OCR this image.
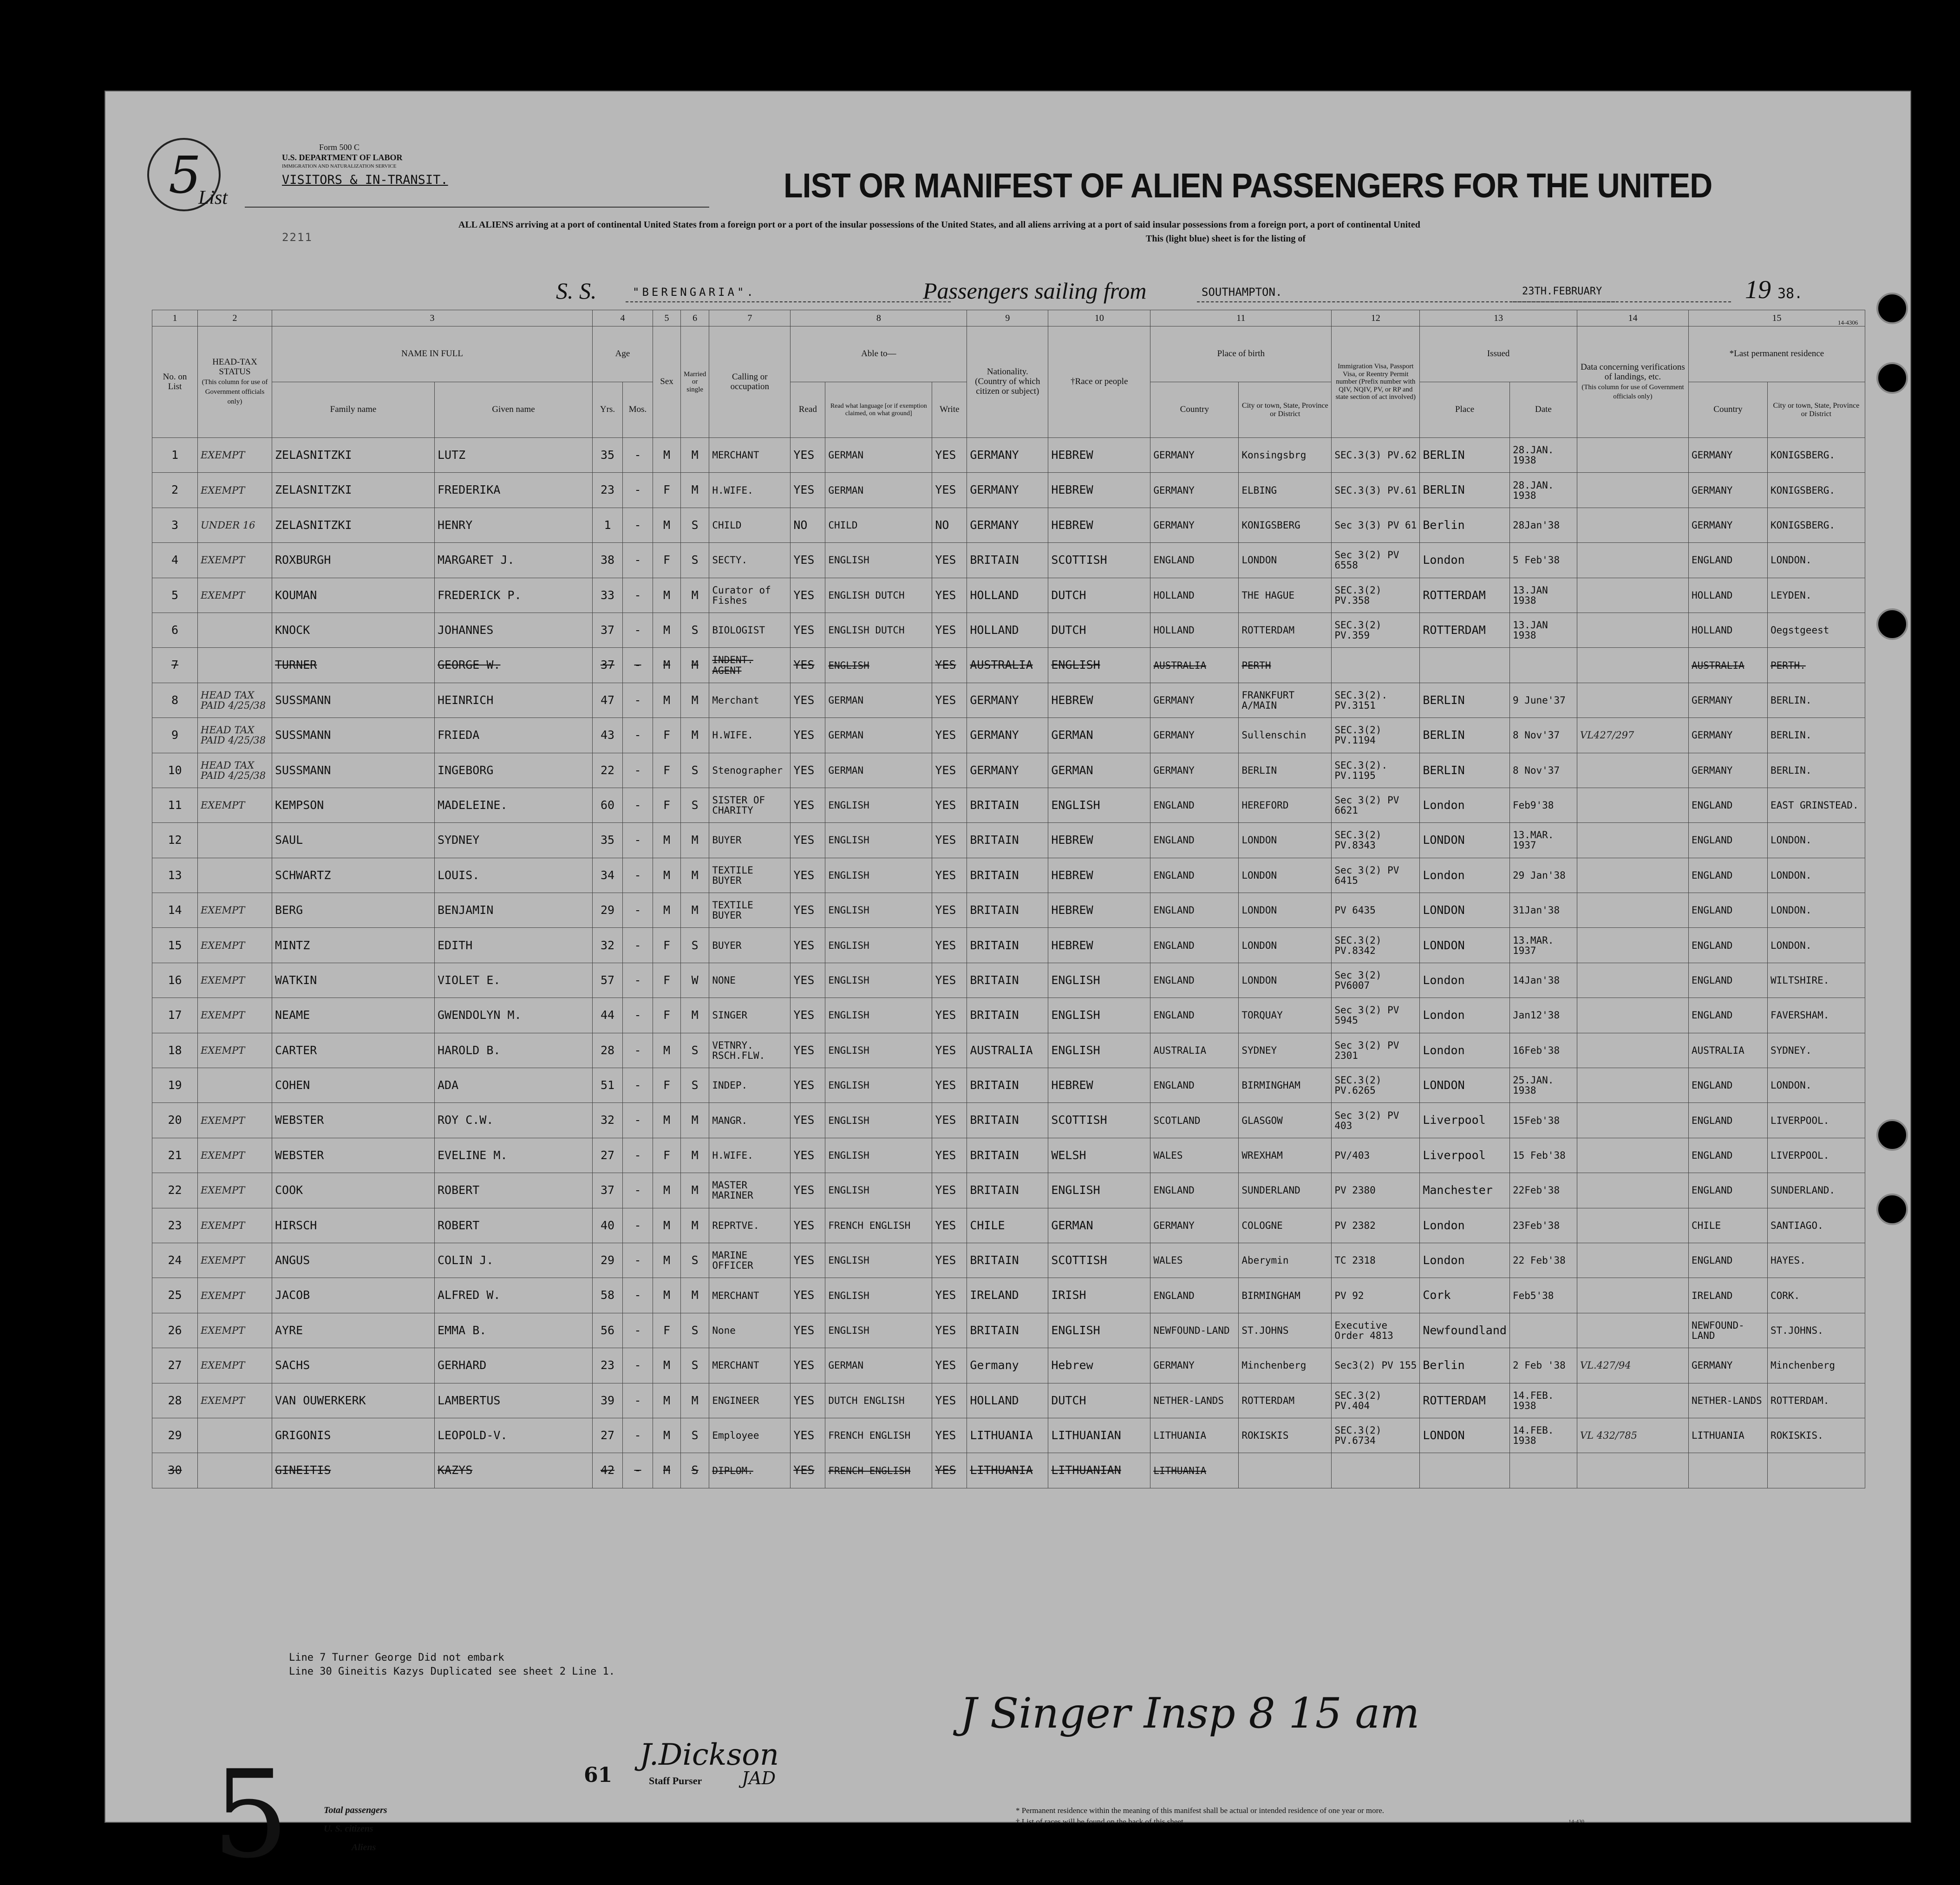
5	Form 500 C
U.S. DEPARTMENT OF LABOR
IMMIGRATION AND NATURALIZATION SERVICE
List
VISITORS & IN-TRANSIT.
2211
LIST OR MANIFEST OF ALIEN PASSENGERS FOR THE UNITED
ALL ALIENS arriving at a port of continental United States from a foreign port or a port of the insular possessions of the United States, and all aliens arriving at a port of said insular possessions from a foreign port, a port of continental United
This (light blue) sheet is for the listing of
S. S.	"BERENGARIA".	Passengers sailing from	SOUTHAMPTON.	23TH.FEBRUARY	19 38.
14-4306
1	2	3		4		5	6	7	8			9	10	11		12	13		14	15	
No. on List	HEAD-TAX STATUS
(This column for use of Government officials only)	NAME IN FULL		Age		Sex	Married or single	Calling or occupation	Able to—			Nationality. (Country of which citizen or subject)	†Race or people	Place of birth		Immigration Visa, Passport Visa, or Reentry Permit number (Prefix number with QIV, NQIV, PV, or RP and state section of act involved)	Issued		Data concerning verifications of landings, etc.
(This column for use of Government officials only)	*Last permanent residence	
		Family name	Given name	Yrs.	Mos.				Read	Read what language [or if exemption claimed, on what ground]	Write			Country	City or town, State, Province or District		Place	Date		Country	City or town, State, Province or District
1	EXEMPT	ZELASNITZKI	LUTZ	35	-	M	M	MERCHANT	YES	GERMAN	YES	GERMANY	HEBREW	GERMANY	Konsingsbrg	SEC.3(3) PV.62	BERLIN	28.JAN. 1938		GERMANY	KONIGSBERG.
2	EXEMPT	ZELASNITZKI	FREDERIKA	23	-	F	M	H.WIFE.	YES	GERMAN	YES	GERMANY	HEBREW	GERMANY	ELBING	SEC.3(3) PV.61	BERLIN	28.JAN. 1938		GERMANY	KONIGSBERG.
3	UNDER 16	ZELASNITZKI	HENRY	1	-	M	S	CHILD	NO	CHILD	NO	GERMANY	HEBREW	GERMANY	KONIGSBERG	Sec 3(3) PV 61	Berlin	28Jan'38		GERMANY	KONIGSBERG.
4	EXEMPT	ROXBURGH	MARGARET J.	38	-	F	S	SECTY.	YES	ENGLISH	YES	BRITAIN	SCOTTISH	ENGLAND	LONDON	Sec 3(2) PV 6558	London	5 Feb'38		ENGLAND	LONDON.
5	EXEMPT	KOUMAN	FREDERICK P.	33	-	M	M	Curator of Fishes	YES	ENGLISH DUTCH	YES	HOLLAND	DUTCH	HOLLAND	THE HAGUE	SEC.3(2) PV.358	ROTTERDAM	13.JAN 1938		HOLLAND	LEYDEN.
6		KNOCK	JOHANNES	37	-	M	S	BIOLOGIST	YES	ENGLISH DUTCH	YES	HOLLAND	DUTCH	HOLLAND	ROTTERDAM	SEC.3(2) PV.359	ROTTERDAM	13.JAN 1938		HOLLAND	Oegstgeest
7		TURNER	GEORGE W.	37	-	M	M	INDENT. AGENT	YES	ENGLISH	YES	AUSTRALIA	ENGLISH	AUSTRALIA	PERTH					AUSTRALIA	PERTH.
8	HEAD TAX PAID 4/25/38	SUSSMANN	HEINRICH	47	-	M	M	Merchant	YES	GERMAN	YES	GERMANY	HEBREW	GERMANY	FRANKFURT A/MAIN	SEC.3(2). PV.3151	BERLIN	9 June'37		GERMANY	BERLIN.
9	HEAD TAX PAID 4/25/38	SUSSMANN	FRIEDA	43	-	F	M	H.WIFE.	YES	GERMAN	YES	GERMANY	GERMAN	GERMANY	Sullenschin	SEC.3(2) PV.1194	BERLIN	8 Nov'37	VL427/297	GERMANY	BERLIN.
10	HEAD TAX PAID 4/25/38	SUSSMANN	INGEBORG	22	-	F	S	Stenographer	YES	GERMAN	YES	GERMANY	GERMAN	GERMANY	BERLIN	SEC.3(2). PV.1195	BERLIN	8 Nov'37		GERMANY	BERLIN.
11	EXEMPT	KEMPSON	MADELEINE.	60	-	F	S	SISTER OF CHARITY	YES	ENGLISH	YES	BRITAIN	ENGLISH	ENGLAND	HEREFORD	Sec 3(2) PV 6621	London	Feb9'38		ENGLAND	EAST GRINSTEAD.
12		SAUL	SYDNEY	35	-	M	M	BUYER	YES	ENGLISH	YES	BRITAIN	HEBREW	ENGLAND	LONDON	SEC.3(2) PV.8343	LONDON	13.MAR. 1937		ENGLAND	LONDON.
13		SCHWARTZ	LOUIS.	34	-	M	M	TEXTILE BUYER	YES	ENGLISH	YES	BRITAIN	HEBREW	ENGLAND	LONDON	Sec 3(2) PV 6415	London	29 Jan'38		ENGLAND	LONDON.
14	EXEMPT	BERG	BENJAMIN	29	-	M	M	TEXTILE BUYER	YES	ENGLISH	YES	BRITAIN	HEBREW	ENGLAND	LONDON	PV 6435	LONDON	31Jan'38		ENGLAND	LONDON.
15	EXEMPT	MINTZ	EDITH	32	-	F	S	BUYER	YES	ENGLISH	YES	BRITAIN	HEBREW	ENGLAND	LONDON	SEC.3(2) PV.8342	LONDON	13.MAR. 1937		ENGLAND	LONDON.
16	EXEMPT	WATKIN	VIOLET E.	57	-	F	W	NONE	YES	ENGLISH	YES	BRITAIN	ENGLISH	ENGLAND	LONDON	Sec 3(2) PV6007	London	14Jan'38		ENGLAND	WILTSHIRE.
17	EXEMPT	NEAME	GWENDOLYN M.	44	-	F	M	SINGER	YES	ENGLISH	YES	BRITAIN	ENGLISH	ENGLAND	TORQUAY	Sec 3(2) PV 5945	London	Jan12'38		ENGLAND	FAVERSHAM.
18	EXEMPT	CARTER	HAROLD B.	28	-	M	S	VETNRY. RSCH.FLW.	YES	ENGLISH	YES	AUSTRALIA	ENGLISH	AUSTRALIA	SYDNEY	Sec 3(2) PV 2301	London	16Feb'38		AUSTRALIA	SYDNEY.
19		COHEN	ADA	51	-	F	S	INDEP.	YES	ENGLISH	YES	BRITAIN	HEBREW	ENGLAND	BIRMINGHAM	SEC.3(2) PV.6265	LONDON	25.JAN. 1938		ENGLAND	LONDON.
20	EXEMPT	WEBSTER	ROY C.W.	32	-	M	M	MANGR.	YES	ENGLISH	YES	BRITAIN	SCOTTISH	SCOTLAND	GLASGOW	Sec 3(2) PV 403	Liverpool	15Feb'38		ENGLAND	LIVERPOOL.
21	EXEMPT	WEBSTER	EVELINE M.	27	-	F	M	H.WIFE.	YES	ENGLISH	YES	BRITAIN	WELSH	WALES	WREXHAM	PV/403	Liverpool	15 Feb'38		ENGLAND	LIVERPOOL.
22	EXEMPT	COOK	ROBERT	37	-	M	M	MASTER MARINER	YES	ENGLISH	YES	BRITAIN	ENGLISH	ENGLAND	SUNDERLAND	PV 2380	Manchester	22Feb'38		ENGLAND	SUNDERLAND.
23	EXEMPT	HIRSCH	ROBERT	40	-	M	M	REPRTVE.	YES	FRENCH ENGLISH	YES	CHILE	GERMAN	GERMANY	COLOGNE	PV 2382	London	23Feb'38		CHILE	SANTIAGO.
24	EXEMPT	ANGUS	COLIN J.	29	-	M	S	MARINE OFFICER	YES	ENGLISH	YES	BRITAIN	SCOTTISH	WALES	Aberymin	TC 2318	London	22 Feb'38		ENGLAND	HAYES.
25	EXEMPT	JACOB	ALFRED W.	58	-	M	M	MERCHANT	YES	ENGLISH	YES	IRELAND	IRISH	ENGLAND	BIRMINGHAM	PV 92	Cork	Feb5'38		IRELAND	CORK.
26	EXEMPT	AYRE	EMMA B.	56	-	F	S	None	YES	ENGLISH	YES	BRITAIN	ENGLISH	NEWFOUND-LAND	ST.JOHNS	Executive Order 4813	Newfoundland			NEWFOUND-LAND	ST.JOHNS.
27	EXEMPT	SACHS	GERHARD	23	-	M	S	MERCHANT	YES	GERMAN	YES	Germany	Hebrew	GERMANY	Minchenberg	Sec3(2) PV 155	Berlin	2 Feb '38	VL.427/94	GERMANY	Minchenberg
28	EXEMPT	VAN OUWERKERK	LAMBERTUS	39	-	M	M	ENGINEER	YES	DUTCH ENGLISH	YES	HOLLAND	DUTCH	NETHER-LANDS	ROTTERDAM	SEC.3(2) PV.404	ROTTERDAM	14.FEB. 1938		NETHER-LANDS	ROTTERDAM.
29		GRIGONIS	LEOPOLD-V.	27	-	M	S	Employee	YES	FRENCH ENGLISH	YES	LITHUANIA	LITHUANIAN	LITHUANIA	ROKISKIS	SEC.3(2) PV.6734	LONDON	14.FEB. 1938	VL 432/785	LITHUANIA	ROKISKIS.
30		GINEITIS	KAZYS	42	-	M	S	DIPLOM.	YES	FRENCH ENGLISH	YES	LITHUANIA	LITHUANIAN	LITHUANIA							
Line 7 Turner George Did not embark
Line 30 Gineitis Kazys Duplicated see sheet 2 Line 1.
61
J.Dickson
Staff Purser JAD
J Singer Insp 8 15 am
Total passengers
U. S. citizens
Aliens
5	* Permanent residence within the meaning of this manifest shall be actual or intended residence of one year or more.
† List of races will be found on the back of this sheet.	14-430
